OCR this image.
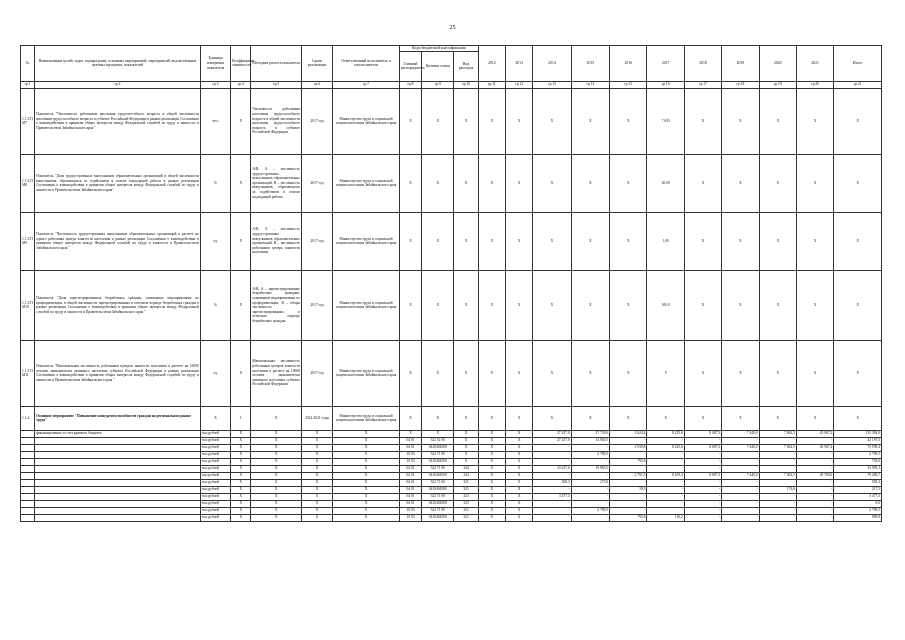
25
№	Наименование целей, задач, подпрограмм, основных мероприятий, мероприятий, ведомственных целевых программ, показателей	Единица измерения показателя	Коэффициент значимости	Методика расчета показателя	Сроки реализации	Ответственный исполнитель и соисполнители	Коды бюджетной классификации			2012	2013	2014	2015	2016	2017	2018	2019	2020	2021	Итого
							Главный распорядитель	Целевая статья	Вид расходов											
гр.1	гр.2	гр.3	гр.4	гр.5	гр.6	гр.7	гр.8	гр.9	гр.10	гр.11	гр.12	гр.13	гр.14	гр.15	гр.16	гр.17	гр.18	гр.19	гр.20	гр.21
1.1.3.П М7	Показатель "Численность работников населения трудоспособного возраста в общей численности населения трудоспособного возраста в субъекте Российской Федерации в рамках реализации Соглашения о взаимодействии в принятии общих интересов между Федеральной службой по труду и занятости и Правительством Забайкальского края "	чел.	X	Численность работников населения трудоспособного возраста в общей численности населения трудоспособного возраста в субъекте Российской Федерации	2017 год	Министерство труда и социальной защиты населения Забайкальского края	X	X	X	X	X	X	X	X	7 635	X	X	X	X	X
1.1.3.П М8	Показатель "Доля трудоустроенных выпускников образовательных организаций в общей численности выпускников, обратившихся за содействием в поиске подходящей работы в рамках реализации Соглашения о взаимодействии в принятии общих интересов между Федеральной службой по труду и занятости и Правительством Забайкальского края"	%	X	А/В, А – численность трудоустроенных выпускников образовательных организаций, В – численность выпускников, обратившихся за содействием в поиске подходящей работы	2017 год	Министерство труда и социальной защиты населения Забайкальского края	X	X	X	X	X	X	X	X	20,00	X	X	X	X	X
1.1.3.П М9	Показатель "Численность трудоустроенных выпускников образовательных организаций в расчете на одного работника центра занятости населения в рамках реализации Соглашения о взаимодействии в принятии общих интересов между Федеральной службой по труду и занятости и Правительством Забайкальского края "	ед.	X	А/В, А – численность трудоустроенных выпускников образовательных организаций, В – численность работников центра занятости населения	2017 год	Министерство труда и социальной защиты населения Забайкальского края	X	X	X	X	X	X	X	X	1,00	X	X	X	X	X
1.1.3.П М10	Показатель "Доля зарегистрированных безработных граждан, охваченных мероприятиями по профориентации, в общей численности зарегистрированных в отчетном периоде безработных граждан в рамках реализации Соглашения о взаимодействии в принятии общих интересов между Федеральной службой по труду и занятости и Правительством Забайкальского края "	%	X	А/В, А – зарегистрированные безработные граждане, охваченные мероприятиями по профориентации, В – общая численность зарегистрированных в отчетном периоде безработных граждан	2017 год	Министерство труда и социальной защиты населения Забайкальского края	X	X	X	X	X	X	X	X	100,0	X	X	X	X	X
1.1.3.П М11	Показатель "Максимальная численность работников центров занятости населения в расчете на 10000 человек экономически активного населения субъекта Российской Федерации в рамках реализации Соглашения о взаимодействии в принятии общих интересов между Федеральной службой по труду и занятости и Правительством Забайкальского края "	ед.	X	Максимальная численность работников центров занятости населения в расчете на 10000 человек экономически активного населения субъекта Российской Федерации	2017 год	Министерство труда и социальной защиты населения Забайкальского края	X	X	X	X	X	X	X	X	5	X	X	X	X	X
1.1.4.	Основное мероприятие "Повышение конкурентоспособности граждан на региональном рынке труда"	X	1	X	2014-2021 годы	Министерство труда и социальной защиты населения Забайкальского края	X	X	X	X	X	X	X	X	X	X	X	X	X	X
	финансирование за счет краевого бюджета	тыс.рублей	X	X	X	X	X	X	X	X	X	27 257,0	27 730,0	3 624,4	8 225,6	8 087,3	7 440,0	7 062,5	45 967,2	135 394,0
		тыс.рублей	X	X	X	X	04 01	522 52 00	X	X	X	27 257,0	14 940,5	-	-	-	-	-	-	42 197,5
		тыс.рублей	X	X	X	X	04 01	0410404500	X	X	X	-	-	2 930,8	8 225,6	8 087,3	7 440,0	7 062,5	45 967,2	75 599,4
		тыс.рублей	X	X	X	X	10 03	522 71 00	X	X	X	-	2 789,5	-	-	-	-	-	-	2 789,5
		тыс.рублей	X	X	X	X	10 03	0410404500	X	X	X	-	-	793,6	-	-	-	-	-	793,6
		тыс.рублей	X	X	X	X	04 01	522 71 00	244	X	X	23 237,6	19 965,5	-	-	-	-	-	-	33 903,1
		тыс.рублей	X	X	X	X	04 01	0410404500	244	X	X	-	-	2 791,5	8 109,4	8 087,3	7 440,0	7 062,5	45 760,0	79 280,7
		тыс.рублей	X	X	X	X	04 01	522 71 00	321	X	X	308,3	275,0	-	-	-	-	-	-	583,3
		тыс.рублей	X	X	X	X	04 01	0410404500	321	X	X	-	-	39,3	-	-	-	176,8	-	217,5
		тыс.рублей	X	X	X	X	04 01	522 71 00	323	X	X	3 477,3	-	-	-	-	-	-	-	3 477,3
		тыс.рублей	X	X	X	X	04 01	0410404500	323	X	X	-	-	-	-	-	-	-	-	0,0
		тыс.рублей	X	X	X	X	10 03	522 71 00	321	X	X	-	2 789,5	-	-	-	-	-	-	2 789,5
		тыс.рублей	X	X	X	X	10 03	0410404500	321	X	X	-	-	793,6	116,2	-	-	-	-	909,8
